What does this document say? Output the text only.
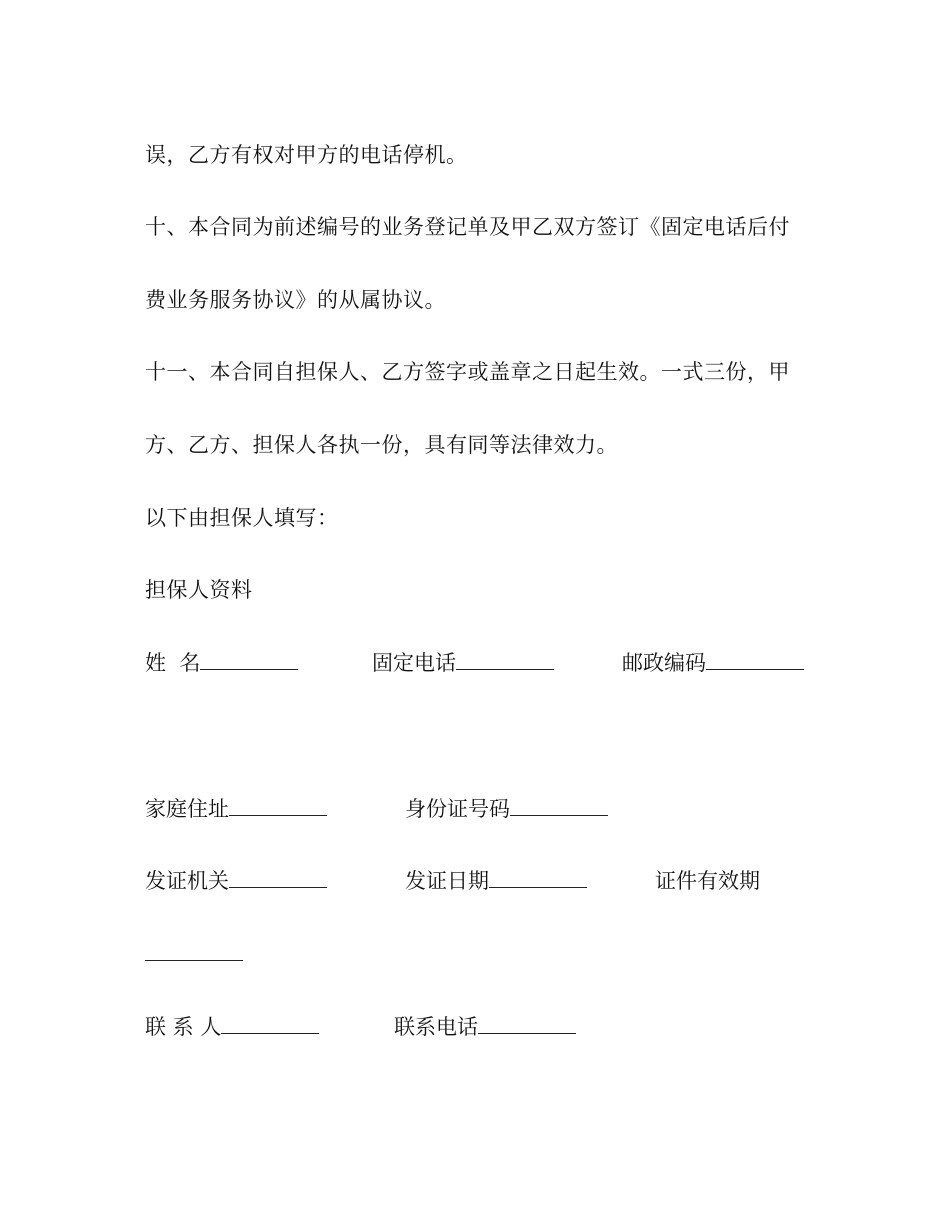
误，乙方有权对甲方的电话停机。
十、本合同为前述编号的业务登记单及甲乙双方签订《固定电话后付
费业务服务协议》的从属协议。
十一、本合同自担保人、乙方签字或盖章之日起生效。一式三份，甲
方、乙方、担保人各执一份，具有同等法律效力。
以下由担保人填写：
担保人资料
姓  名	固定电话	邮政编码
家庭住址	身份证号码
发证机关	发证日期	证件有效期
联 系 人	联系电话
